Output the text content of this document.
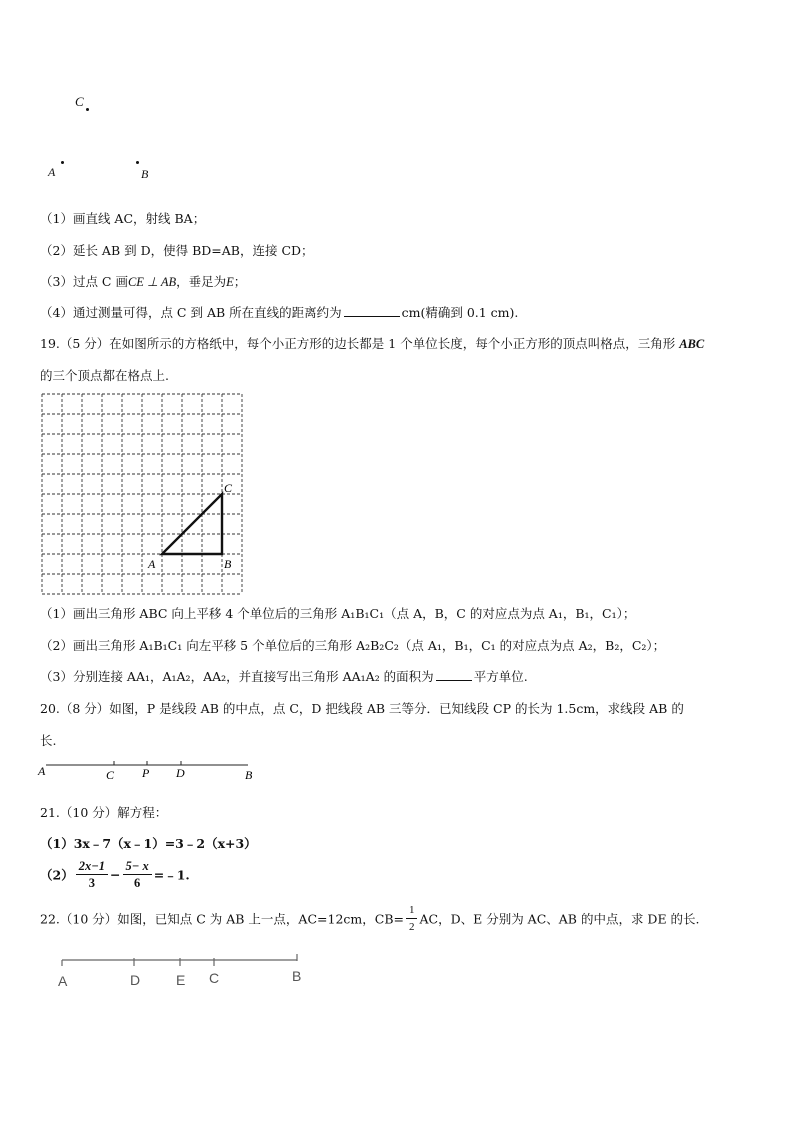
C
A	B
（1）画直线 AC，射线 BA；
（2）延长 AB 到 D，使得 BD=AB，连接 CD；
（3）过点 C 画CE ⊥ AB，垂足为E；
（4）通过测量可得，点 C 到 AB 所在直线的距离约为	cm(精确到 0.1 cm).
19.（5 分）在如图所示的方格纸中，每个小正方形的边长都是 1 个单位长度，每个小正方形的顶点叫格点，三角形 ABC
的三个顶点都在格点上.
A	B
C
（1）画出三角形 ABC 向上平移 4 个单位后的三角形 A₁B₁C₁（点 A，B，C 的对应点为点 A₁，B₁，C₁）；
（2）画出三角形 A₁B₁C₁ 向左平移 5 个单位后的三角形 A₂B₂C₂（点 A₁，B₁，C₁ 的对应点为点 A₂，B₂，C₂）；
（3）分别连接 AA₁，A₁A₂，AA₂，并直接写出三角形 AA₁A₂ 的面积为	平方单位.
20.（8 分）如图，P 是线段 AB 的中点，点 C，D 把线段 AB 三等分．已知线段 CP 的长为 1.5cm，求线段 AB 的
长.
A	C P D	B
21.（10 分）解方程：
（1）3x﹣7（x﹣1）=3﹣2（x+3）
$(2) \frac{2x-1}{3} - \frac{5- x}{6}$ =﹣1.
22.（10 分）如图，已知点 C 为 AB 上一点，AC=12cm，$CB= \frac{1}{2}$ AC，D、E 分别为 AC、AB 的中点，求 DE 的长.
A	D	E C	B
